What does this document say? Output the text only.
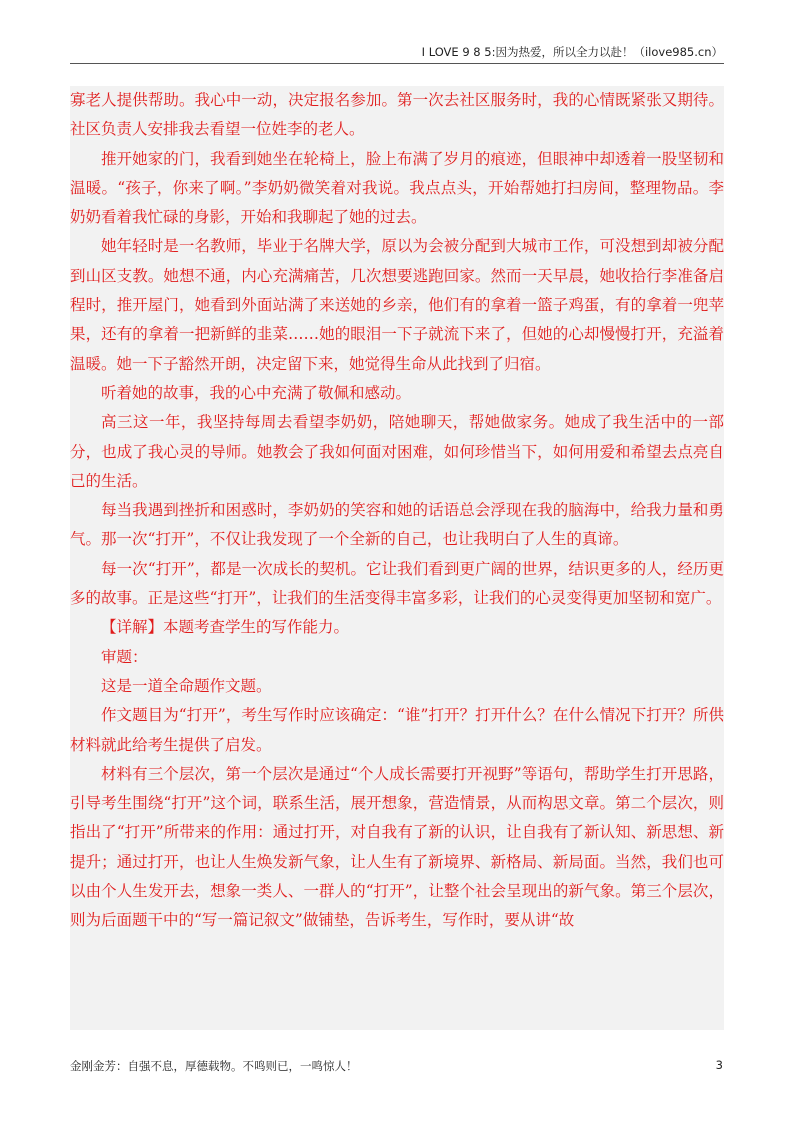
I LOVE 9 8 5:因为热爱，所以全力以赴！（ilove985.cn）

寡老人提供帮助。我心中一动，决定报名参加。第一次去社区服务时，我的心情既紧张又期待。社区负责人安排我去看望一位姓李的老人。

推开她家的门，我看到她坐在轮椅上，脸上布满了岁月的痕迹，但眼神中却透着一股坚韧和温暖。“孩子，你来了啊。”李奶奶微笑着对我说。我点点头，开始帮她打扫房间，整理物品。李奶奶看着我忙碌的身影，开始和我聊起了她的过去。

她年轻时是一名教师，毕业于名牌大学，原以为会被分配到大城市工作，可没想到却被分配到山区支教。她想不通，内心充满痛苦，几次想要逃跑回家。然而一天早晨，她收拾行李准备启程时，推开屋门，她看到外面站满了来送她的乡亲，他们有的拿着一篮子鸡蛋，有的拿着一兜苹果，还有的拿着一把新鲜的韭菜……她的眼泪一下子就流下来了，但她的心却慢慢打开，充溢着温暖。她一下子豁然开朗，决定留下来，她觉得生命从此找到了归宿。

听着她的故事，我的心中充满了敬佩和感动。

高三这一年，我坚持每周去看望李奶奶，陪她聊天，帮她做家务。她成了我生活中的一部分，也成了我心灵的导师。她教会了我如何面对困难，如何珍惜当下，如何用爱和希望去点亮自己的生活。

每当我遇到挫折和困惑时，李奶奶的笑容和她的话语总会浮现在我的脑海中，给我力量和勇气。那一次“打开”，不仅让我发现了一个全新的自己，也让我明白了人生的真谛。

每一次“打开”，都是一次成长的契机。它让我们看到更广阔的世界，结识更多的人，经历更多的故事。正是这些“打开”，让我们的生活变得丰富多彩，让我们的心灵变得更加坚韧和宽广。

【详解】本题考查学生的写作能力。

审题：

这是一道全命题作文题。

作文题目为“打开”，考生写作时应该确定：“谁”打开？打开什么？在什么情况下打开？所供材料就此给考生提供了启发。

材料有三个层次，第一个层次是通过“个人成长需要打开视野”等语句，帮助学生打开思路，引导考生围绕“打开”这个词，联系生活，展开想象，营造情景，从而构思文章。第二个层次，则指出了“打开”所带来的作用：通过打开，对自我有了新的认识，让自我有了新认知、新思想、新提升；通过打开，也让人生焕发新气象，让人生有了新境界、新格局、新局面。当然，我们也可以由个人生发开去，想象一类人、一群人的“打开”，让整个社会呈现出的新气象。第三个层次，则为后面题干中的“写一篇记叙文”做铺垫，告诉考生，写作时，要从讲“故

金刚金芳：自强不息，厚德载物。不鸣则已，一鸣惊人！	3
